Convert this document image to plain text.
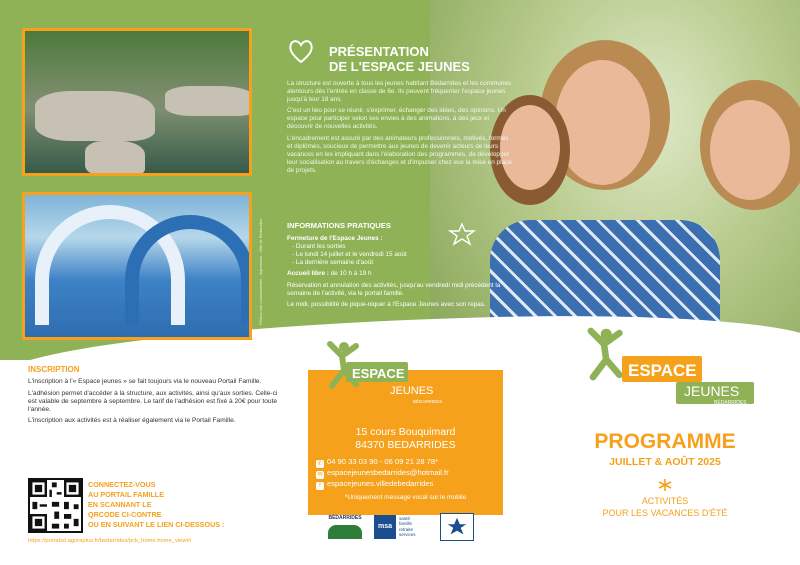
Photos non contractuelles - Impression - Ville de Bédarrides
PRÉSENTATION
DE L'ESPACE JEUNES

La structure est ouverte à tous les jeunes habitant Bédarrides et les communes alentours dès l'entrée en classe de 6e. Ils peuvent fréquenter l'espace jeunes jusqu'à leur 18 ans.

C'est un lieu pour se réunir, s'exprimer, échanger des idées, des opinions. Un espace pour participer selon ses envies à des animations, à des jeux et découvrir de nouvelles activités.

L'encadrement est assuré par des animateurs professionnels, motivés, formés et diplômés, soucieux de permettre aux jeunes de devenir acteurs de leurs vacances en les impliquant dans l'élaboration des programmes, de développer leur socialisation au travers d'échanges et d'impulser chez eux la mise en place de projets.

INFORMATIONS PRATIQUES
Fermeture de l'Espace Jeunes :
- Durant les sorties
- Le lundi 14 juillet et le vendredi 15 août
- La dernière semaine d'août

Accueil libre : de 10 h à 19 h

Réservation et annulation des activités, jusqu'au vendredi midi précédent la semaine de l'activité, via le portail famille.

Le midi, possibilité de pique-niquer à l'Espace Jeunes avec son repas.

15 cours Bouquimard
84370 BEDARRIDES
✆ 04 90 33 03 90 - 06 09 21 28 78*
✉ espacejeunesbedarrides@hotmail.fr
f espacejeunes.villedebedarrides
*Uniquement message vocal sur le mobile
ESPACE
JEUNES
BÉDARRIDES
ESPACE
JEUNES
BÉDARRIDES
INSCRIPTION

L'inscription à l'« Espace jeunes » se fait toujours via le nouveau Portail Famille.

L'adhésion permet d'accéder à la structure, aux activités, ainsi qu'aux sorties. Celle-ci est valable de septembre à septembre. Le tarif de l'adhésion est fixé à 20€ pour toute l'année.

L'inscription aux activités est à réaliser également via le Portail Famille.

CONNECTEZ-VOUS
AU PORTAIL FAMILLE
EN SCANNANT LE
QRCODE CI-CONTRE
OU EN SUIVANT LE LIEN CI-DESSOUS :
https://portabsl.agoraplus.fr/bedarrides/pck_home.home_view#/
BÉDARRIDES
msa
santé
famille
retraite
services
PROGRAMME
JUILLET & AOÛT 2025
ACTIVITÉS
POUR LES VACANCES D'ÉTÉ
